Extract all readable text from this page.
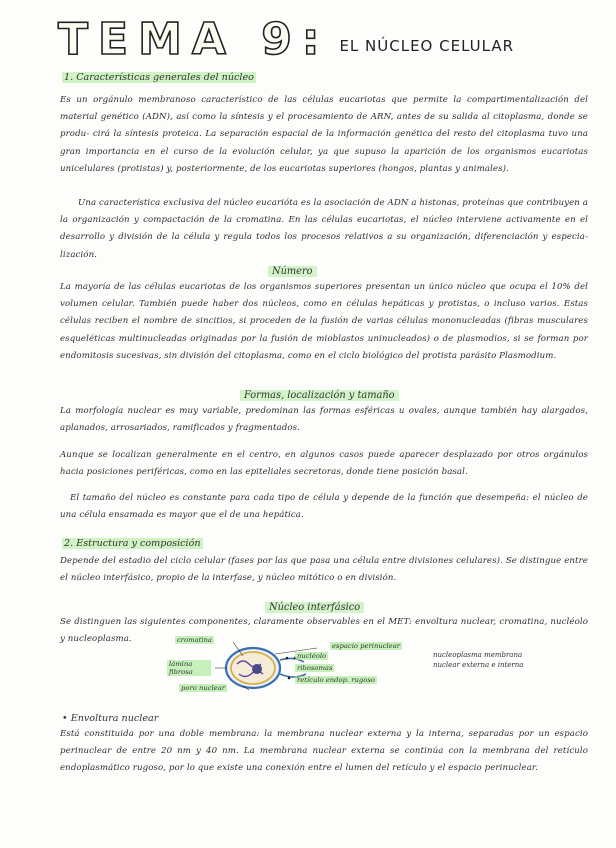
TEMA 9: EL NÚCLEO CELULAR
1. Características generales del núcleo
Es un orgánulo membranoso característico de las células eucariotas que permite la compartimentalización del material genético (ADN), así como la síntesis y el procesamiento de ARN, antes de su salida al citoplasma, donde se produ- cirá la síntesis proteica. La separación espacial de la información genética del resto del citoplasma tuvo una gran importancia en el curso de la evolución celular, ya que supuso la aparición de los organismos eucariotas unicelulares (protistas) y, posteriormente, de los eucariotas superiores (hongos, plantas y animales).
Una característica exclusiva del núcleo eucarióta es la asociación de ADN a histonas, proteínas que contribuyen a la organización y compactación de la cromatina. En las células eucariotas, el núcleo interviene activamente en el desarrollo y división de la célula y regula todos los procesos relativos a su organización, diferenciación y especia- lización.
Número
La mayoría de las células eucariotas de los organismos superiores presentan un único núcleo que ocupa el 10% del volumen celular. También puede haber dos núcleos, como en células hepáticas y protistas, o incluso varios. Estas células reciben el nombre de sincitios, si proceden de la fusión de varias células mononucleadas (fibras musculares esqueléticas multinucleadas originadas por la fusión de mioblastos uninucleados) o de plasmodios, si se forman por endomitosis sucesivas, sin división del citoplasma, como en el ciclo biológico del protista parásito Plasmodium.
Formas, localización y tamaño
La morfología nuclear es muy variable, predominan las formas esféricas u ovales, aunque también hay alargados, aplanados, arrosariados, ramificados y fragmentados.
Aunque se localizan generalmente en el centro, en algunos casos puede aparecer desplazado por otros orgánulos hacia posiciones periféricas, como en las epiteliales secretoras, donde tiene posición basal.
El tamaño del núcleo es constante para cada tipo de célula y depende de la función que desempeña: el núcleo de una célula ensamada es mayor que el de una hepática.
2. Estructura y composición
Depende del estadio del ciclo celular (fases por las que pasa una célula entre divisiones celulares). Se distingue entre el núcleo interfásico, propio de la interfase, y núcleo mitótico o en división.
Núcleo interfásico
Se distinguen las siguientes componentes, claramente observables en el MET: envoltura nuclear, cromatina, nucléolo y nucleoplasma.	cromatina
lámina fibrosa
poro nuclear
nucléolo
ribosomas
retículo endop. rugoso
espacio perinuclear
nucleoplasma membrana nuclear externa e interna
• Envoltura nuclear
Está constituida por una doble membrana: la membrana nuclear externa y la interna, separadas por un espacio perinuclear de entre 20 nm y 40 nm. La membrana nuclear externa se continúa con la membrana del retículo endoplasmático rugoso, por lo que existe una conexión entre el lumen del retículo y el espacio perinuclear.
